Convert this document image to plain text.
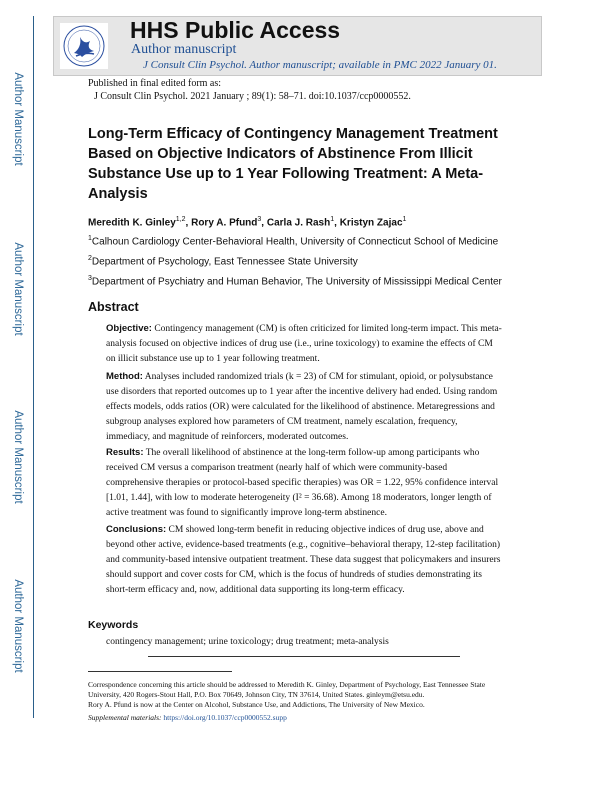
Author Manuscript
Author Manuscript
Author Manuscript
Author Manuscript
HHS Public Access
Author manuscript
J Consult Clin Psychol. Author manuscript; available in PMC 2022 January 01.
Published in final edited form as:
J Consult Clin Psychol. 2021 January ; 89(1): 58–71. doi:10.1037/ccp0000552.
Long-Term Efficacy of Contingency Management Treatment Based on Objective Indicators of Abstinence From Illicit Substance Use up to 1 Year Following Treatment: A Meta-Analysis
Meredith K. Ginley$^{1,2}$, Rory A. Pfund$^3$, Carla J. Rash$^1$, Kristyn Zajac$^1$
$^1$Calhoun Cardiology Center-Behavioral Health, University of Connecticut School of Medicine
$^2$Department of Psychology, East Tennessee State University
$^3$Department of Psychiatry and Human Behavior, The University of Mississippi Medical Center
Abstract
Objective: Contingency management (CM) is often criticized for limited long-term impact. This meta-analysis focused on objective indices of drug use (i.e., urine toxicology) to examine the effects of CM on illicit substance use up to 1 year following treatment.
Method: Analyses included randomized trials (k = 23) of CM for stimulant, opioid, or polysubstance use disorders that reported outcomes up to 1 year after the incentive delivery had ended. Using random effects models, odds ratios (OR) were calculated for the likelihood of abstinence. Metaregressions and subgroup analyses explored how parameters of CM treatment, namely escalation, frequency, immediacy, and magnitude of reinforcers, moderated outcomes.
Results: The overall likelihood of abstinence at the long-term follow-up among participants who received CM versus a comparison treatment (nearly half of which were community-based comprehensive therapies or protocol-based specific therapies) was OR = 1.22, 95% confidence interval [1.01, 1.44], with low to moderate heterogeneity (I² = 36.68). Among 18 moderators, longer length of active treatment was found to significantly improve long-term abstinence.
Conclusions: CM showed long-term benefit in reducing objective indices of drug use, above and beyond other active, evidence-based treatments (e.g., cognitive–behavioral therapy, 12-step facilitation) and community-based intensive outpatient treatment. These data suggest that policymakers and insurers should support and cover costs for CM, which is the focus of hundreds of studies demonstrating its short-term efficacy and, now, additional data supporting its long-term efficacy.
Keywords
contingency management; urine toxicology; drug treatment; meta-analysis
Correspondence concerning this article should be addressed to Meredith K. Ginley, Department of Psychology, East Tennessee State University, 420 Rogers-Stout Hall, P.O. Box 70649, Johnson City, TN 37614, United States. ginleym@etsu.edu.
Rory A. Pfund is now at the Center on Alcohol, Substance Use, and Addictions, The University of New Mexico.
Supplemental materials: https://doi.org/10.1037/ccp0000552.supp
